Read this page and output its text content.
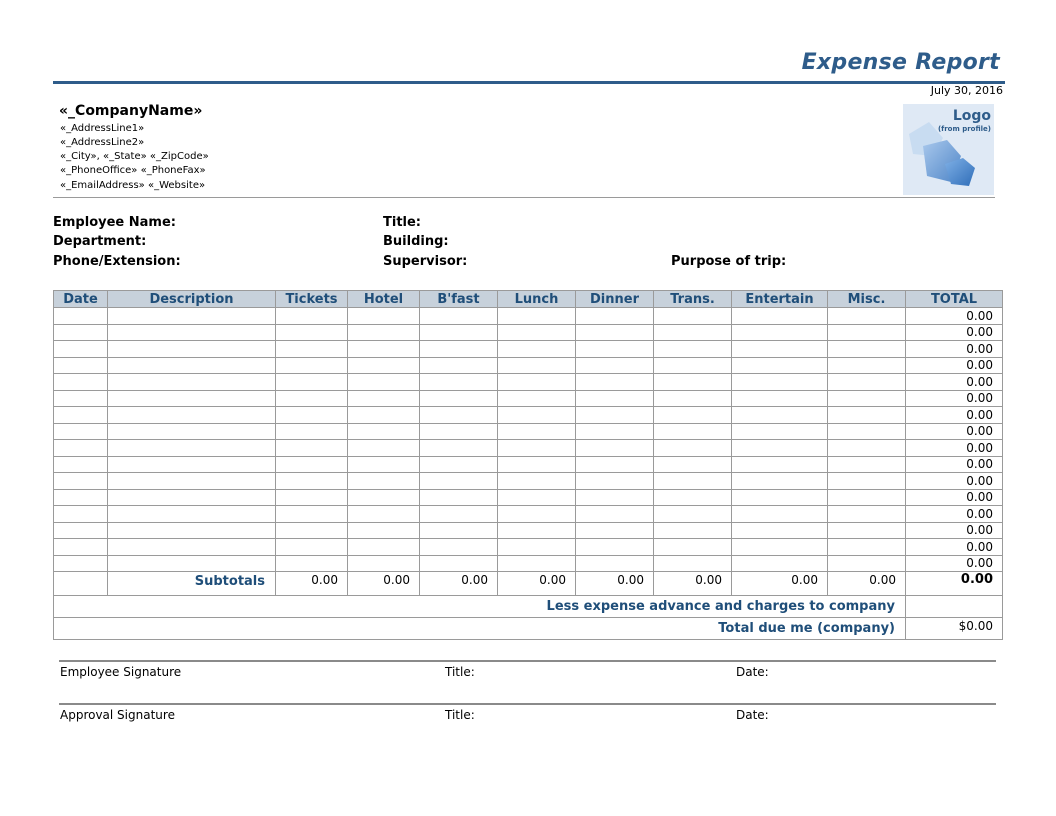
Expense Report
July 30, 2016
«_CompanyName»
«_AddressLine1»
«_AddressLine2»
«_City», «_State» «_ZipCode»
«_PhoneOffice» «_PhoneFax»
«_EmailAddress» «_Website»
Logo
(from profile)
Employee Name:
Department:
Phone/Extension:
Title:
Building:
Supervisor:	Purpose of trip:
Date	Description	Tickets	Hotel	B'fast	Lunch	Dinner	Trans.	Entertain	Misc.	TOTAL
										0.00
										0.00
										0.00
										0.00
										0.00
										0.00
										0.00
										0.00
										0.00
										0.00
										0.00
										0.00
										0.00
										0.00
										0.00
										0.00
	Subtotals	0.00	0.00	0.00	0.00	0.00	0.00	0.00	0.00	0.00
Less expense advance and charges to company										
Total due me (company)										$0.00
Employee Signature	Title:	Date:
Approval Signature	Title:	Date:
